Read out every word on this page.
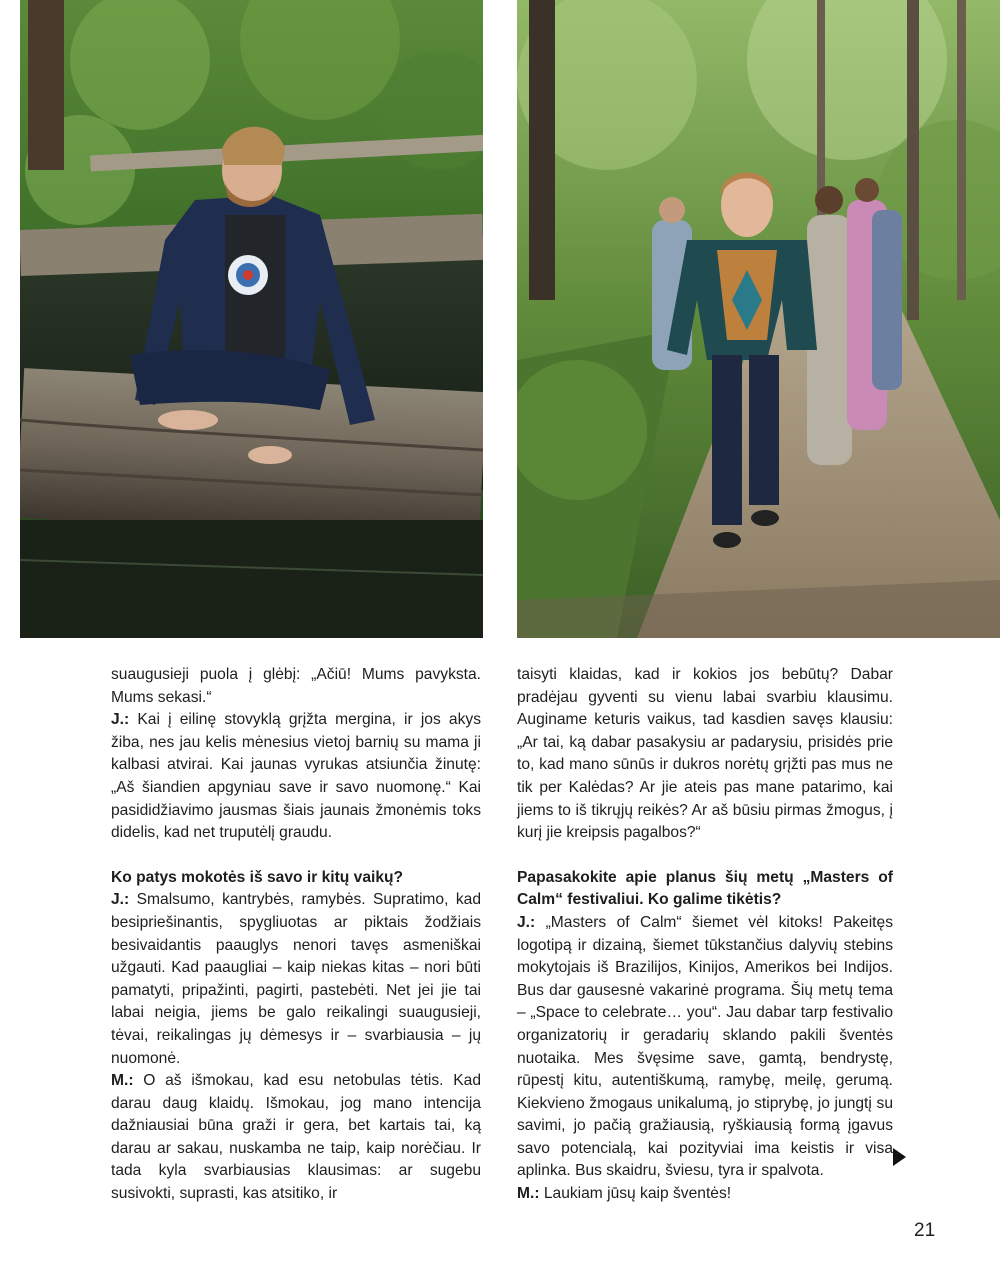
suaugusieji puola į glėbį: „Ačiū! Mums pavyksta. Mums sekasi.“

J.: Kai į eilinę stovyklą grįžta mergina, ir jos akys žiba, nes jau kelis mėnesius vietoj barnių su mama ji kalbasi atvirai. Kai jaunas vyrukas atsiunčia žinutę: „Aš šiandien apgyniau save ir savo nuomonę.“ Kai pasididžiavimo jausmas šiais jaunais žmonėmis toks didelis, kad net truputėlį graudu.

Ko patys mokotės iš savo ir kitų vaikų?

J.: Smalsumo, kantrybės, ramybės. Supratimo, kad besipriešinantis, spygliuotas ar piktais žodžiais besivaidantis paauglys nenori tavęs asmeniškai užgauti. Kad paaugliai – kaip niekas kitas – nori būti pamatyti, pripažinti, pagirti, pastebėti. Net jei jie tai labai neigia, jiems be galo reikalingi suaugusieji, tėvai, reikalingas jų dėmesys ir – svarbiausia – jų nuomonė.

M.: O aš išmokau, kad esu netobulas tėtis. Kad darau daug klaidų. Išmokau, jog mano intencija dažniausiai būna graži ir gera, bet kartais tai, ką darau ar sakau, nuskamba ne taip, kaip norėčiau. Ir tada kyla svarbiausias klausimas: ar sugebu susivokti, suprasti, kas atsitiko, ir

taisyti klaidas, kad ir kokios jos bebūtų? Dabar pradėjau gyventi su vienu labai svarbiu klausimu. Auginame keturis vaikus, tad kasdien savęs klausiu: „Ar tai, ką dabar pasakysiu ar padarysiu, prisidės prie to, kad mano sūnūs ir dukros norėtų grįžti pas mus ne tik per Kalėdas? Ar jie ateis pas mane patarimo, kai jiems to iš tikrųjų reikės? Ar aš būsiu pirmas žmogus, į kurį jie kreipsis pagalbos?“

Papasakokite apie planus šių metų „Masters of Calm“ festivaliui. Ko galime tikėtis?

J.: „Masters of Calm“ šiemet vėl kitoks! Pakeitęs logotipą ir dizainą, šiemet tūkstančius dalyvių stebins mokytojais iš Brazilijos, Kinijos, Amerikos bei Indijos. Bus dar gausesnė vakarinė programa. Šių metų tema – „Space to celebrate… you“. Jau dabar tarp festivalio organizatorių ir geradarių sklando pakili šventės nuotaika. Mes švęsime save, gamtą, bendrystę, rūpestį kitu, autentiškumą, ramybę, meilę, gerumą. Kiekvieno žmogaus unikalumą, jo stiprybę, jo jungtį su savimi, jo pačią gražiausią, ryškiausią formą įgavus savo potencialą, kai pozityviai ima keistis ir visa aplinka. Bus skaidru, šviesu, tyra ir spalvota.

M.: Laukiam jūsų kaip šventės!

21
